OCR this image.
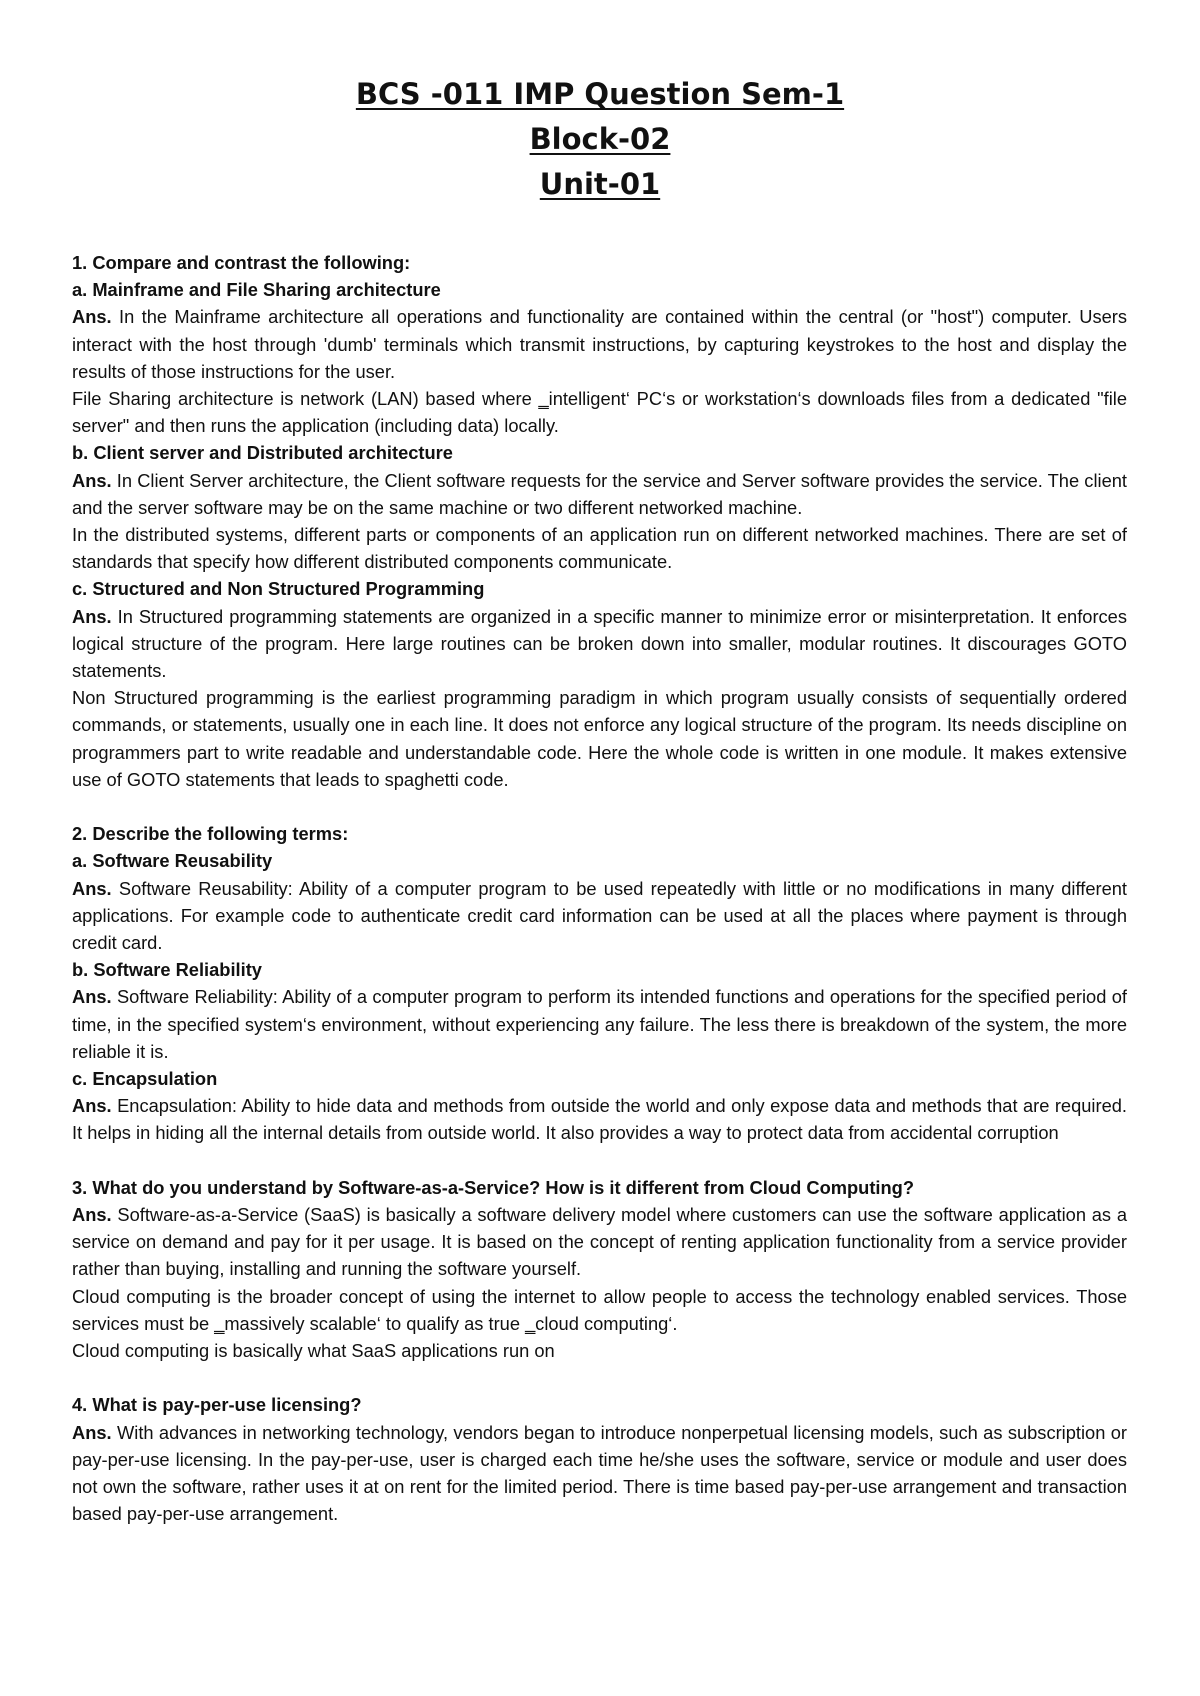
BCS -011 IMP Question Sem-1
Block-02
Unit-01

1. Compare and contrast the following:

a. Mainframe and File Sharing architecture

Ans. In the Mainframe architecture all operations and functionality are contained within the central (or "host") computer. Users interact with the host through 'dumb' terminals which transmit instructions, by capturing keystrokes to the host and display the results of those instructions for the user.

File Sharing architecture is network (LAN) based where ‗intelligent‘ PC‘s or workstation‘s downloads files from a dedicated "file server" and then runs the application (including data) locally.

b. Client server and Distributed architecture

Ans. In Client Server architecture, the Client software requests for the service and Server software provides the service. The client and the server software may be on the same machine or two different networked machine.

In the distributed systems, different parts or components of an application run on different networked machines. There are set of standards that specify how different distributed components communicate.

c. Structured and Non Structured Programming

Ans. In Structured programming statements are organized in a specific manner to minimize error or misinterpretation. It enforces logical structure of the program. Here large routines can be broken down into smaller, modular routines. It discourages GOTO statements.

Non Structured programming is the earliest programming paradigm in which program usually consists of sequentially ordered commands, or statements, usually one in each line. It does not enforce any logical structure of the program. Its needs discipline on programmers part to write readable and understandable code. Here the whole code is written in one module. It makes extensive use of GOTO statements that leads to spaghetti code.

2. Describe the following terms:

a. Software Reusability

Ans. Software Reusability: Ability of a computer program to be used repeatedly with little or no modifications in many different applications. For example code to authenticate credit card information can be used at all the places where payment is through credit card.

b. Software Reliability

Ans. Software Reliability: Ability of a computer program to perform its intended functions and operations for the specified period of time, in the specified system‘s environment, without experiencing any failure. The less there is breakdown of the system, the more reliable it is.

c. Encapsulation

Ans. Encapsulation: Ability to hide data and methods from outside the world and only expose data and methods that are required. It helps in hiding all the internal details from outside world. It also provides a way to protect data from accidental corruption

3. What do you understand by Software-as-a-Service? How is it different from Cloud Computing?

Ans. Software-as-a-Service (SaaS) is basically a software delivery model where customers can use the software application as a service on demand and pay for it per usage. It is based on the concept of renting application functionality from a service provider rather than buying, installing and running the software yourself.

Cloud computing is the broader concept of using the internet to allow people to access the technology enabled services. Those services must be ‗massively scalable‘ to qualify as true ‗cloud computing‘.

Cloud computing is basically what SaaS applications run on

4. What is pay-per-use licensing?

Ans. With advances in networking technology, vendors began to introduce nonperpetual licensing models, such as subscription or pay-per-use licensing. In the pay-per-use, user is charged each time he/she uses the software, service or module and user does not own the software, rather uses it at on rent for the limited period. There is time based pay-per-use arrangement and transaction based pay-per-use arrangement.
